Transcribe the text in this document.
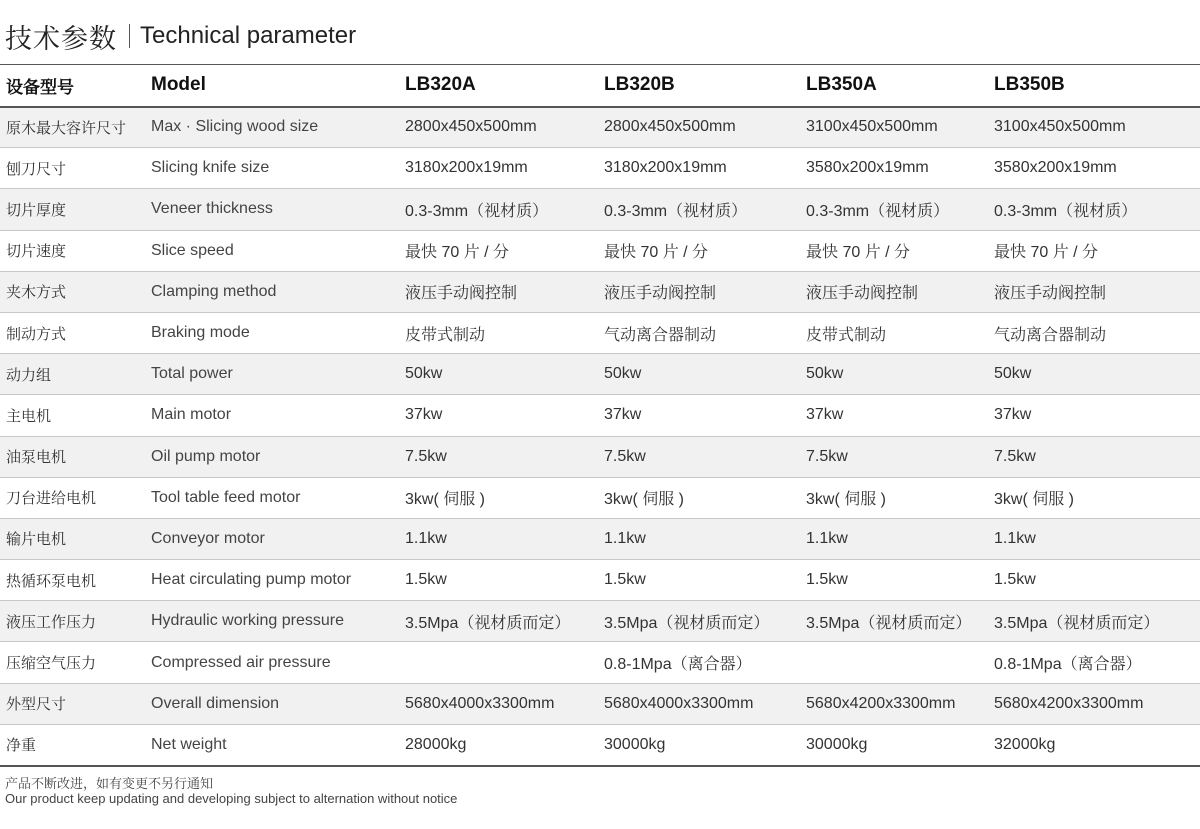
技术参数 Technical parameter
设备型号	Model	LB320A	LB320B	LB350A	LB350B
原木最大容许尺寸	Max · Slicing wood size	2800x450x500mm	2800x450x500mm	3100x450x500mm	3100x450x500mm
刨刀尺寸	Slicing knife size	3180x200x19mm	3180x200x19mm	3580x200x19mm	3580x200x19mm
切片厚度	Veneer thickness	0.3-3mm（视材质）	0.3-3mm（视材质）	0.3-3mm（视材质）	0.3-3mm（视材质）
切片速度	Slice speed	最快 70 片 / 分	最快 70 片 / 分	最快 70 片 / 分	最快 70 片 / 分
夹木方式	Clamping method	液压手动阀控制	液压手动阀控制	液压手动阀控制	液压手动阀控制
制动方式	Braking mode	皮带式制动	气动离合器制动	皮带式制动	气动离合器制动
动力组	Total power	50kw	50kw	50kw	50kw
主电机	Main motor	37kw	37kw	37kw	37kw
油泵电机	Oil pump motor	7.5kw	7.5kw	7.5kw	7.5kw
刀台进给电机	Tool table feed motor	3kw( 伺服 )	3kw( 伺服 )	3kw( 伺服 )	3kw( 伺服 )
输片电机	Conveyor motor	1.1kw	1.1kw	1.1kw	1.1kw
热循环泵电机	Heat circulating pump motor	1.5kw	1.5kw	1.5kw	1.5kw
液压工作压力	Hydraulic working pressure	3.5Mpa（视材质而定）	3.5Mpa（视材质而定）	3.5Mpa（视材质而定）	3.5Mpa（视材质而定）
压缩空气压力	Compressed air pressure		0.8-1Mpa（离合器）		0.8-1Mpa（离合器）
外型尺寸	Overall dimension	5680x4000x3300mm	5680x4000x3300mm	5680x4200x3300mm	5680x4200x3300mm
净重	Net weight	28000kg	30000kg	30000kg	32000kg
产品不断改进，如有变更不另行通知
Our product keep updating and developing subject to alternation without notice
